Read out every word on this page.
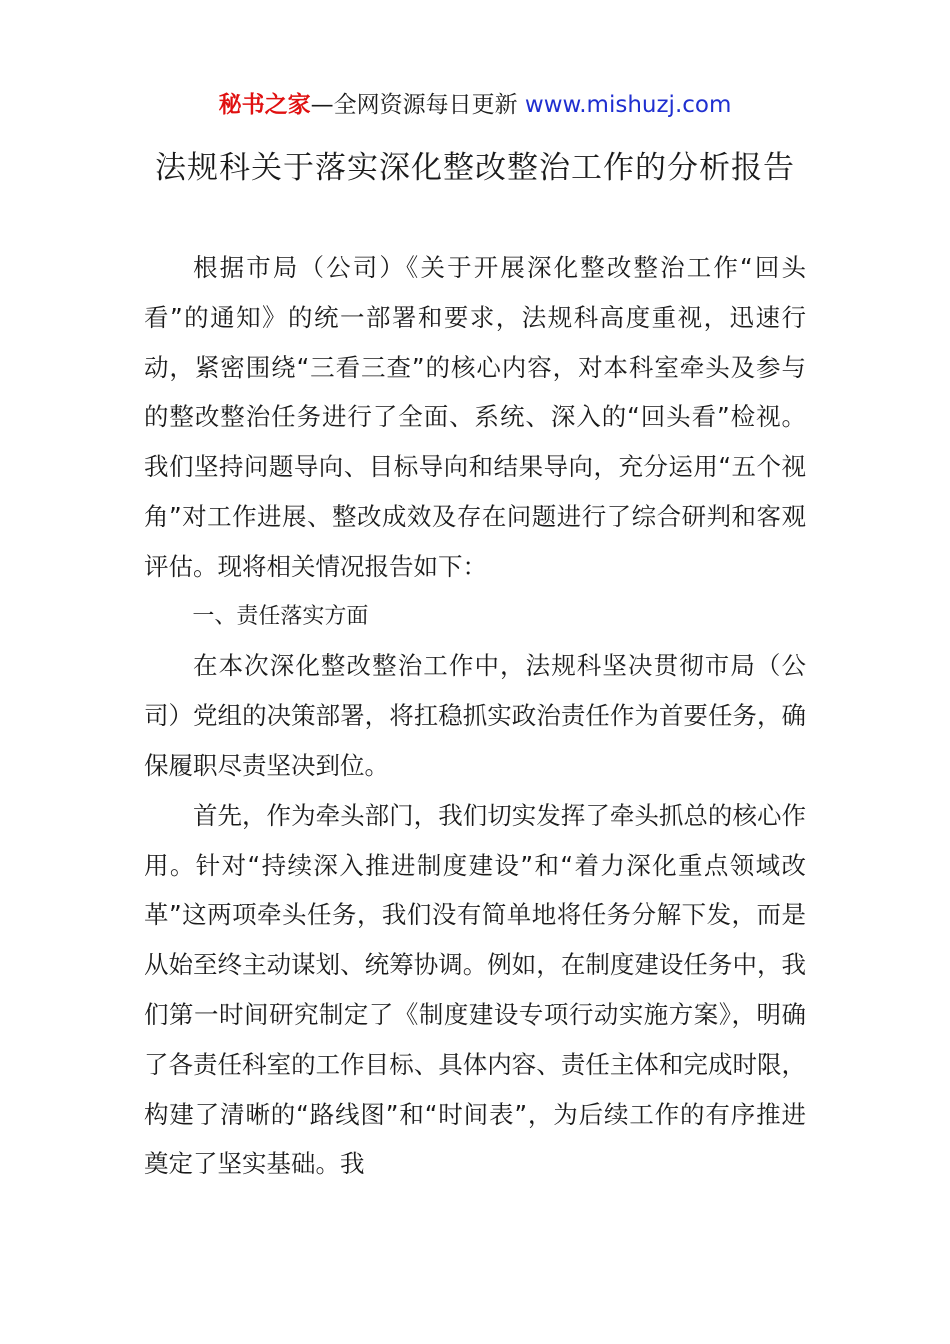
秘书之家—全网资源每日更新 www.mishuzj.com
法规科关于落实深化整改整治工作的分析报告

根据市局（公司）《关于开展深化整改整治工作“回头看”的通知》的统一部署和要求，法规科高度重视，迅速行动，紧密围绕“三看三查”的核心内容，对本科室牵头及参与的整改整治任务进行了全面、系统、深入的“回头看”检视。我们坚持问题导向、目标导向和结果导向，充分运用“五个视角”对工作进展、整改成效及存在问题进行了综合研判和客观评估。现将相关情况报告如下：

一、责任落实方面

在本次深化整改整治工作中，法规科坚决贯彻市局（公司）党组的决策部署，将扛稳抓实政治责任作为首要任务，确保履职尽责坚决到位。

首先，作为牵头部门，我们切实发挥了牵头抓总的核心作用。针对“持续深入推进制度建设”和“着力深化重点领域改革”这两项牵头任务，我们没有简单地将任务分解下发，而是从始至终主动谋划、统筹协调。例如，在制度建设任务中，我们第一时间研究制定了《制度建设专项行动实施方案》，明确了各责任科室的工作目标、具体内容、责任主体和完成时限，构建了清晰的“路线图”和“时间表”，为后续工作的有序推进奠定了坚实基础。我
